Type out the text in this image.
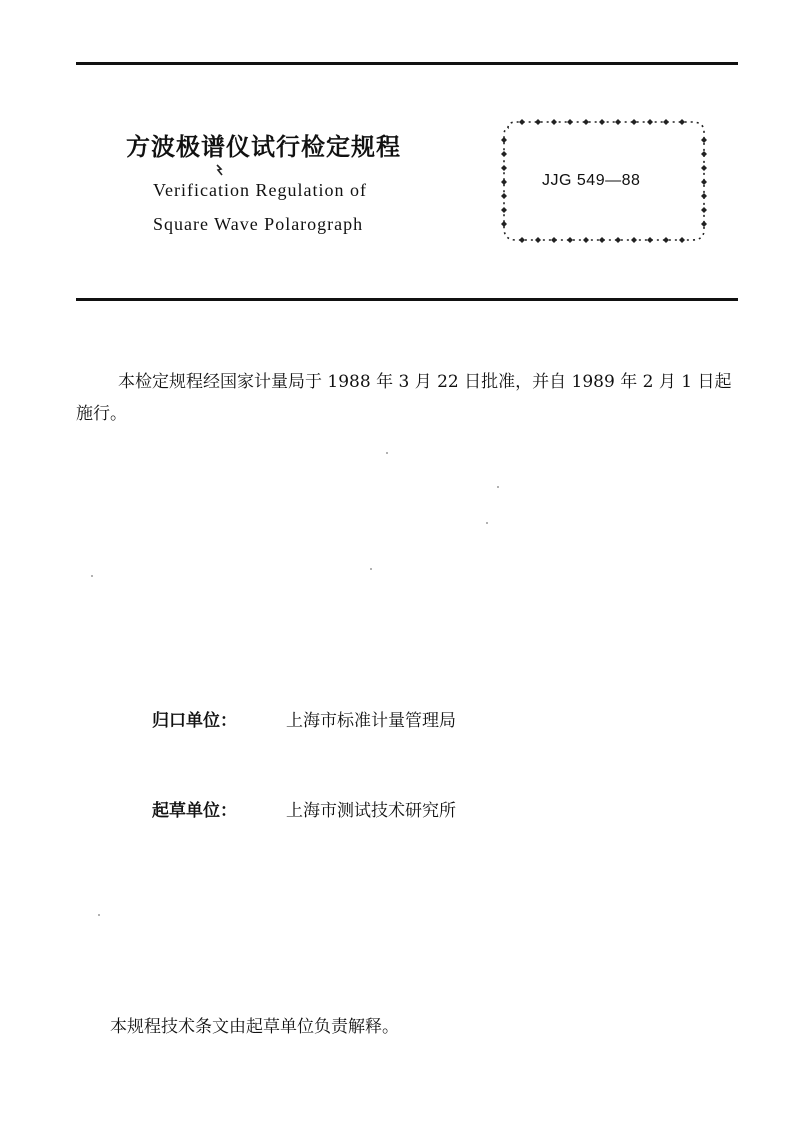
方波极谱仪试行检定规程
Verification Regulation of
Square Wave Polarograph
JJG 549—88
本检定规程经国家计量局于 1988 年 3 月 22 日批准，并自 1989 年 2 月 1 日起施行。
归口单位：	上海市标准计量管理局
起草单位：	上海市测试技术研究所
本规程技术条文由起草单位负责解释。
